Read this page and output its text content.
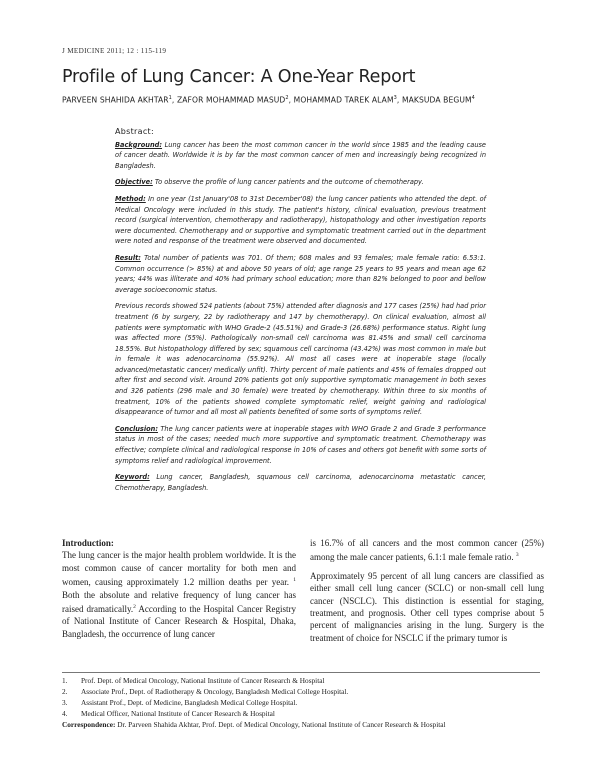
J MEDICINE 2011; 12 : 115-119
Profile of Lung Cancer: A One-Year Report
PARVEEN SHAHIDA AKHTAR$^1$, ZAFOR MOHAMMAD MASUD$^2$, MOHAMMAD TAREK ALAM$^3$, MAKSUDA BEGUM$^4$
Abstract:

Background: Lung cancer has been the most common cancer in the world since 1985 and the leading cause of cancer death. Worldwide it is by far the most common cancer of men and increasingly being recognized in Bangladesh.

Objective: To observe the profile of lung cancer patients and the outcome of chemotherapy.

Method: In one year (1st January'08 to 31st December'08) the lung cancer patients who attended the dept. of Medical Oncology were included in this study. The patient's history, clinical evaluation, previous treatment record (surgical intervention, chemotherapy and radiotherapy), histopathology and other investigation reports were documented. Chemotherapy and or supportive and symptomatic treatment carried out in the department were noted and response of the treatment were observed and documented.

Result: Total number of patients was 701. Of them; 608 males and 93 females; male female ratio: 6.53:1. Common occurrence (> 85%) at and above 50 years of old; age range 25 years to 95 years and mean age 62 years; 44% was illiterate and 40% had primary school education; more than 82% belonged to poor and bellow average socioeconomic status.

Previous records showed 524 patients (about 75%) attended after diagnosis and 177 cases (25%) had had prior treatment (6 by surgery, 22 by radiotherapy and 147 by chemotherapy). On clinical evaluation, almost all patients were symptomatic with WHO Grade-2 (45.51%) and Grade-3 (26.68%) performance status. Right lung was affected more (55%). Pathologically non-small cell carcinoma was 81.45% and small cell carcinoma 18.55%. But histopathology differed by sex; squamous cell carcinoma (43.42%) was most common in male but in female it was adenocarcinoma (55.92%). All most all cases were at inoperable stage (locally advanced/metastatic cancer/ medically unfit). Thirty percent of male patients and 45% of females dropped out after first and second visit. Around 20% patients got only supportive symptomatic management in both sexes and 326 patients (296 male and 30 female) were treated by chemotherapy. Within three to six months of treatment, 10% of the patients showed complete symptomatic relief, weight gaining and radiological disappearance of tumor and all most all patients benefited of some sorts of symptoms relief.

Conclusion: The lung cancer patients were at inoperable stages with WHO Grade 2 and Grade 3 performance status in most of the cases; needed much more supportive and symptomatic treatment. Chemotherapy was effective; complete clinical and radiological response in 10% of cases and others got benefit with some sorts of symptoms relief and radiological improvement.

Keyword: Lung cancer, Bangladesh, squamous cell carcinoma, adenocarcinoma metastatic cancer, Chemotherapy, Bangladesh.

Introduction:

The lung cancer is the major health problem worldwide. It is the most common cause of cancer mortality for both men and women, causing approximately 1.2 million deaths per year. $^1$ Both the absolute and relative frequency of lung cancer has raised dramatically.$^2$ According to the Hospital Cancer Registry of National Institute of Cancer Research & Hospital, Dhaka, Bangladesh, the occurrence of lung cancer

is 16.7% of all cancers and the most common cancer (25%) among the male cancer patients, 6.1:1 male female ratio. $^3$

Approximately 95 percent of all lung cancers are classified as either small cell lung cancer (SCLC) or non-small cell lung cancer (NSCLC). This distinction is essential for staging, treatment, and prognosis. Other cell types comprise about 5 percent of malignancies arising in the lung. Surgery is the treatment of choice for NSCLC if the primary tumor is

1.	Prof. Dept. of Medical Oncology, National Institute of Cancer Research & Hospital
2.	Associate Prof., Dept. of Radiotherapy & Oncology, Bangladesh Medical College Hospital.
3.	Assistant Prof., Dept. of Medicine, Bangladesh Medical College Hospital.
4.	Medical Officer, National Institute of Cancer Research & Hospital
Correspondence: Dr. Parveen Shahida Akhtar, Prof. Dept. of Medical Oncology, National Institute of Cancer Research & Hospital
